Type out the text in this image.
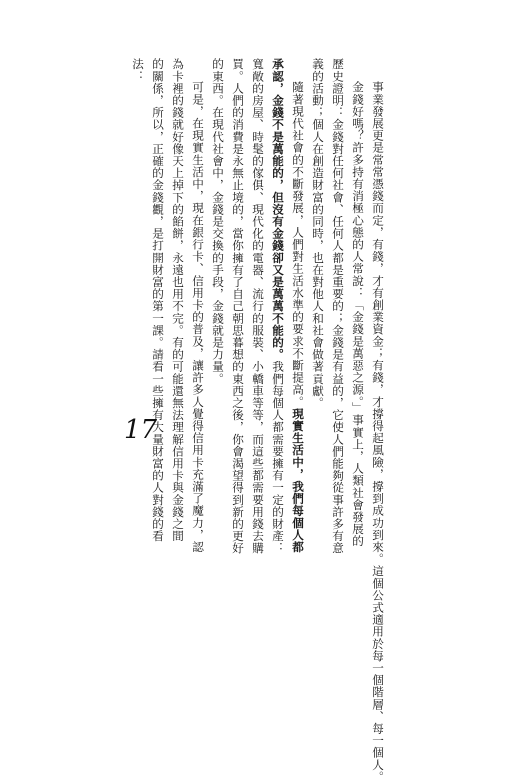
事業發展更是常常憑錢而定，有錢，才有創業資金；有錢，才撐得起風險，撐到成功到來。這個公式適用於每一個階層、每一個人。

金錢好嗎？許多持有消極心態的人常說：「金錢是萬惡之源。」事實上，人類社會發展的
歷史證明：金錢對任何社會、任何人都是重要的；金錢是有益的，它使人們能夠從事許多有意
義的活動；個人在創造財富的同時，也在對他人和社會做著貢獻。

隨著現代社會的不斷發展，人們對生活水準的要求不斷提高。現實生活中，我們每個人都
承認，金錢不是萬能的，但沒有金錢卻又是萬萬不能的。我們每個人都需要擁有一定的財產：
寬敞的房屋、時髦的傢俱、現代化的電器、流行的服裝、小轎車等等，而這些都需要用錢去購
買。人們的消費是永無止境的，當你擁有了自己朝思暮想的東西之後，你會渴望得到新的更好
的東西。在現代社會中，金錢是交換的手段，金錢就是力量。

可是，在現實生活中，現在銀行卡、信用卡的普及，讓許多人覺得信用卡充滿了魔力，認
為卡裡的錢就好像天上掉下的餡餅，永遠也用不完。有的可能還無法理解信用卡與金錢之間
的關係，所以，正確的金錢觀，是打開財富的第一課。請看一些擁有大量財富的人對錢的看
法：

17
